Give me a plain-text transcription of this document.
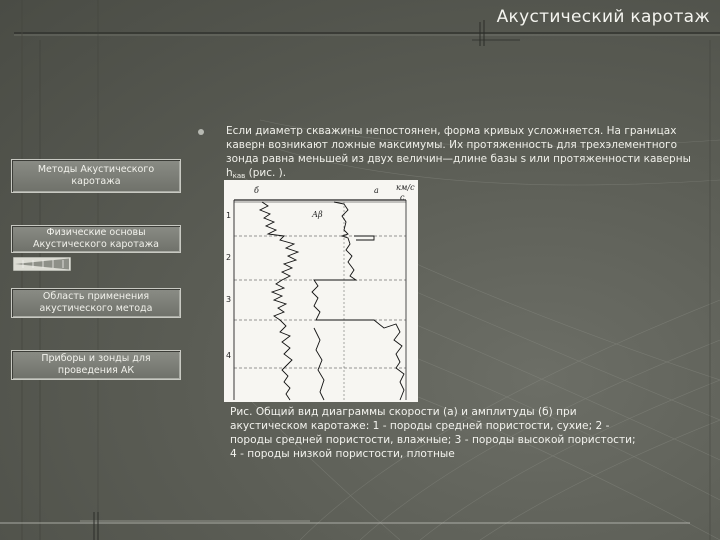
Акустический каротаж
Методы Акустического каротажа
Физические основы Акустического каротажа
Область применения акустического метода
Приборы и зонды для проведения АК
Если диаметр скважины непостоянен, форма кривых усложняется. На границах каверн возникают ложные максимумы. Их протяженность для трехэлементного зонда равна меньшей из двух величин—длине базы s или протяженности каверны $h_{кав}$ (рис. ).
б
Аβ
а км/с
с
1
2
3
4
Рис. Общий вид диаграммы скорости (а) и амплитуды (б) при акустическом каротаже: 1 - породы средней пористости, сухие; 2 - породы средней пористости, влажные; 3 - породы высокой пористости; 4 - породы низкой пористости, плотные
